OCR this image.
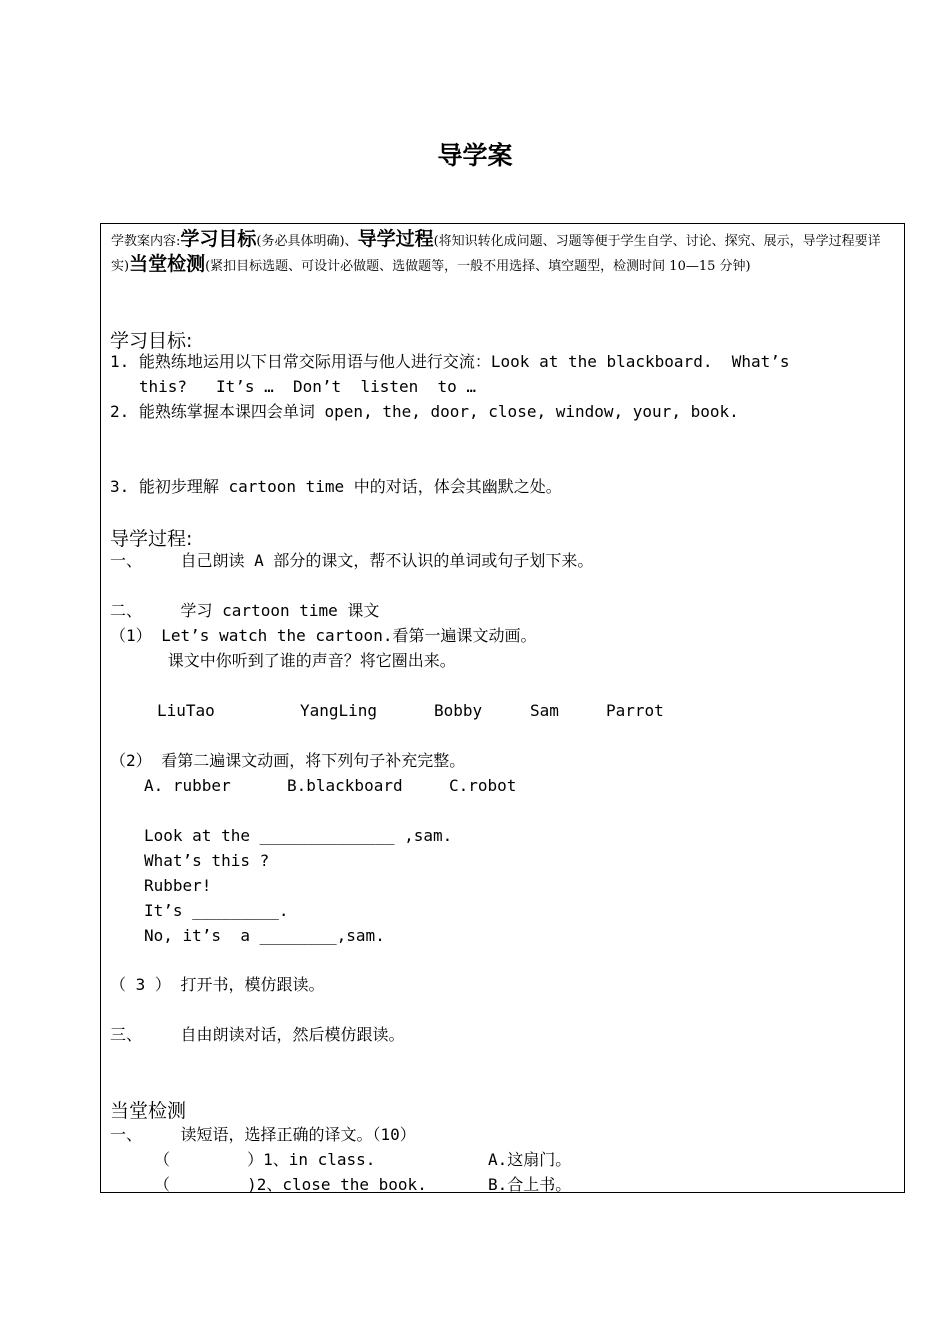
导学案
学教案内容:学习目标(务必具体明确)、导学过程(将知识转化成问题、习题等便于学生自学、讨论、探究、展示，导学过程要详实)当堂检测(紧扣目标选题、可设计必做题、选做题等，一般不用选择、填空题型，检测时间 10—15 分钟)
学习目标:
1. 能熟练地运用以下日常交际用语与他人进行交流：Look at the blackboard.  What’s
this?   It’s …  Don’t  listen  to …
2. 能熟练掌握本课四会单词 open, the, door, close, window, your, book.
3. 能初步理解 cartoon time 中的对话，体会其幽默之处。
导学过程:
一、    自己朗读 A 部分的课文，帮不认识的单词或句子划下来。
二、    学习 cartoon time 课文
（1） Let’s watch the cartoon.看第一遍课文动画。
课文中你听到了谁的声音？将它圈出来。
LiuTao	YangLing	Bobby	Sam	Parrot
（2） 看第二遍课文动画，将下列句子补充完整。
A. rubber	B.blackboard	C.robot
Look at the ______________ ,sam.
What’s this ?
Rubber!
It’s _________.
No, it’s  a ________,sam.
（ 3 ） 打开书，模仿跟读。
三、    自由朗读对话，然后模仿跟读。
当堂检测
一、    读短语，选择正确的译文。（10）
（        ）1、in class.	A.这扇门。
（        )2、close the book.	B.合上书。
